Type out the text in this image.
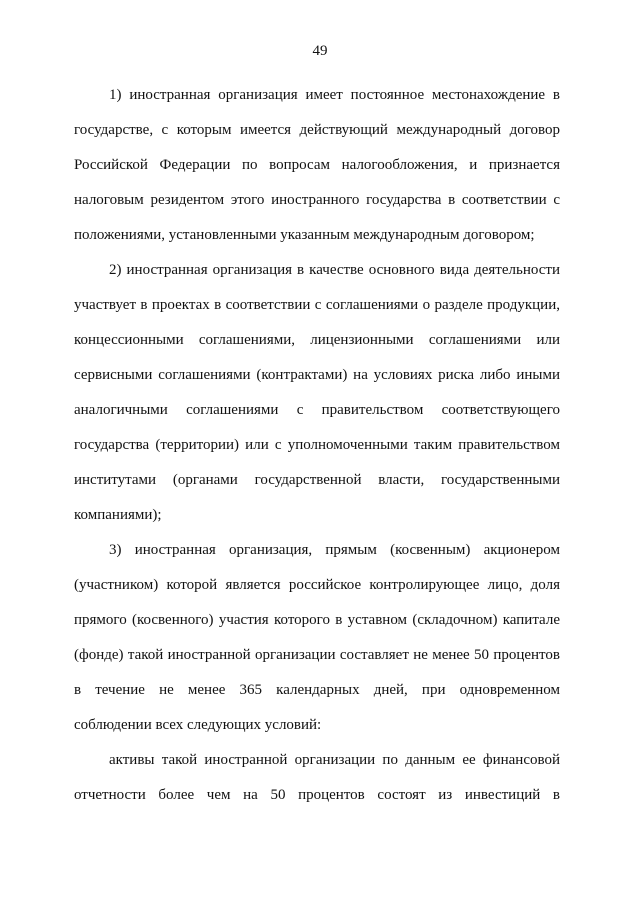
49
1) иностранная организация имеет постоянное местонахождение в
государстве, с которым имеется действующий международный договор
Российской Федерации по вопросам налогообложения, и признается
налоговым резидентом этого иностранного государства в соответствии с
положениями, установленными указанным международным договором;
2) иностранная организация в качестве основного вида деятельности
участвует в проектах в соответствии с соглашениями о разделе продукции,
концессионными соглашениями, лицензионными соглашениями или
сервисными соглашениями (контрактами) на условиях риска либо иными
аналогичными соглашениями с правительством соответствующего
государства (территории) или с уполномоченными таким правительством
институтами (органами государственной власти, государственными
компаниями);
3) иностранная организация, прямым (косвенным) акционером
(участником) которой является российское контролирующее лицо, доля
прямого (косвенного) участия которого в уставном (складочном) капитале
(фонде) такой иностранной организации составляет не менее 50 процентов
в течение не менее 365 календарных дней, при одновременном
соблюдении всех следующих условий:
активы такой иностранной организации по данным ее финансовой
отчетности более чем на 50 процентов состоят из инвестиций в
